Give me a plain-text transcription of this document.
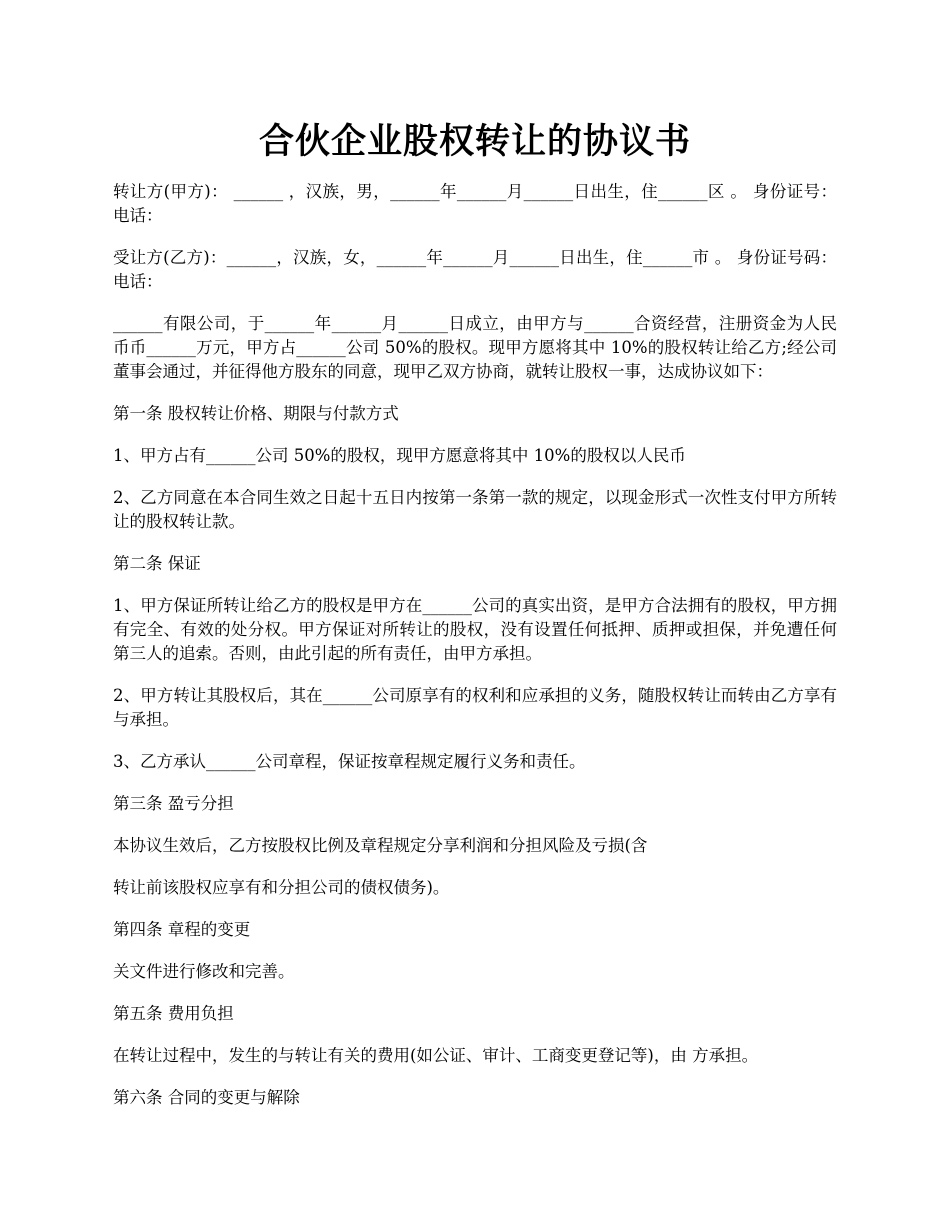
合伙企业股权转让的协议书

转让方(甲方)： ______ ，汉族，男，______年______月______日出生，住______区 。 身份证号： 电话：

受让方(乙方)：______，汉族，女，______年______月______日出生，住______市 。 身份证号码： 电话：

______有限公司，于______年______月______日成立，由甲方与______合资经营，注册资金为人民币币______万元，甲方占______公司 50%的股权。现甲方愿将其中 10%的股权转让给乙方;经公司董事会通过，并征得他方股东的同意，现甲乙双方协商，就转让股权一事，达成协议如下：

第一条 股权转让价格、期限与付款方式

1、甲方占有______公司 50%的股权，现甲方愿意将其中 10%的股权以人民币

2、乙方同意在本合同生效之日起十五日内按第一条第一款的规定，以现金形式一次性支付甲方所转让的股权转让款。

第二条 保证

1、甲方保证所转让给乙方的股权是甲方在______公司的真实出资，是甲方合法拥有的股权，甲方拥有完全、有效的处分权。甲方保证对所转让的股权，没有设置任何抵押、质押或担保，并免遭任何第三人的追索。否则，由此引起的所有责任，由甲方承担。

2、甲方转让其股权后，其在______公司原享有的权利和应承担的义务，随股权转让而转由乙方享有与承担。

3、乙方承认______公司章程，保证按章程规定履行义务和责任。

第三条 盈亏分担

本协议生效后，乙方按股权比例及章程规定分享利润和分担风险及亏损(含

转让前该股权应享有和分担公司的债权债务)。

第四条 章程的变更

关文件进行修改和完善。

第五条 费用负担

在转让过程中，发生的与转让有关的费用(如公证、审计、工商变更登记等)，由 方承担。

第六条 合同的变更与解除
